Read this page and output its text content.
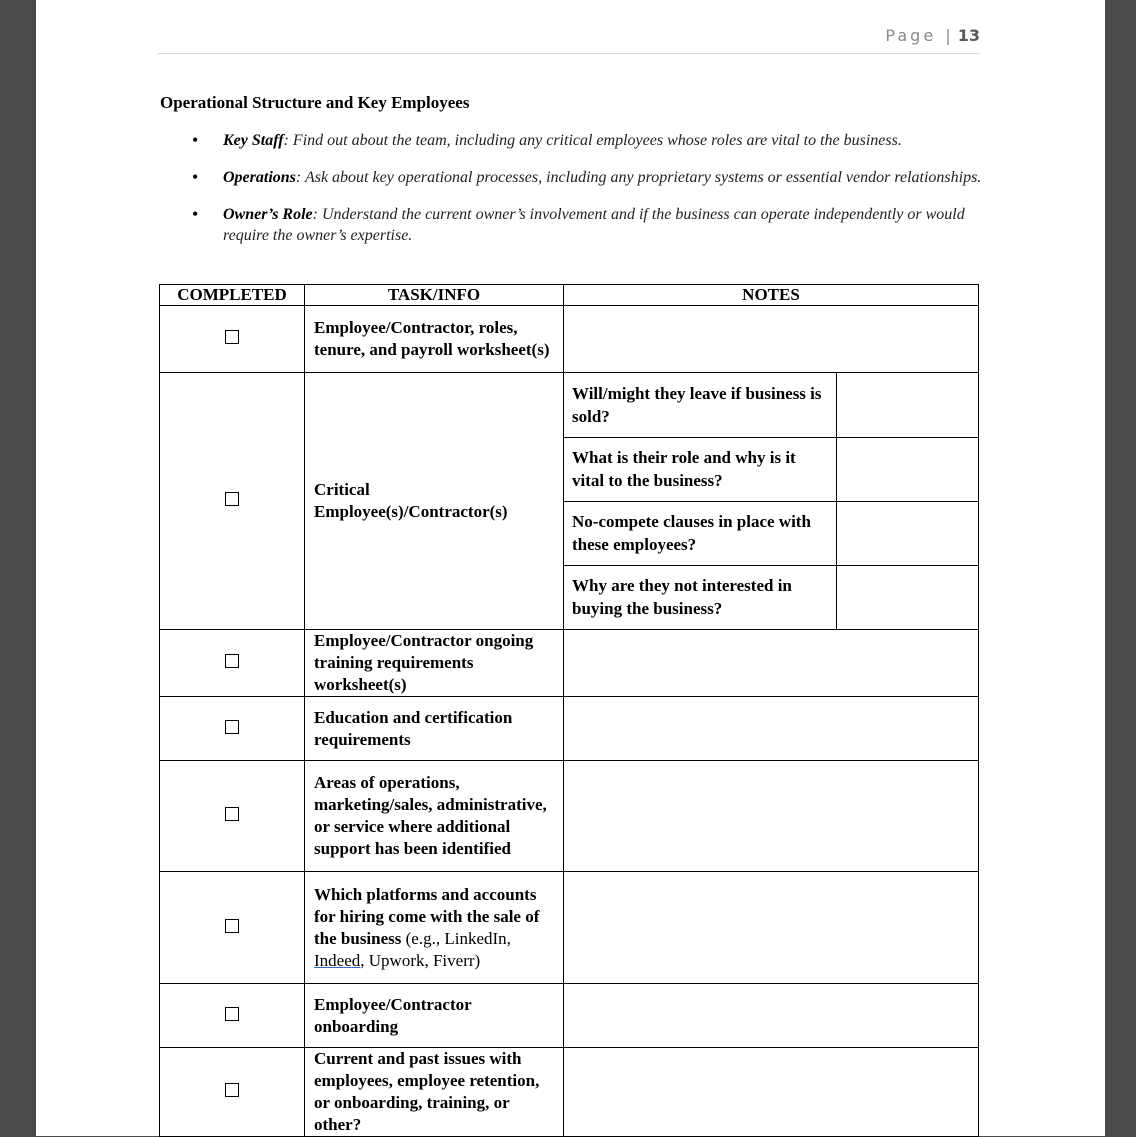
Page | 13
Operational Structure and Key Employees
• Key Staff: Find out about the team, including any critical employees whose roles are vital to the business.
• Operations: Ask about key operational processes, including any proprietary systems or essential vendor relationships.
• Owner’s Role: Understand the current owner’s involvement and if the business can operate independently or would require the owner’s expertise.
COMPLETED	TASK/INFO	NOTES
	Employee/Contractor, roles, tenure, and payroll worksheet(s)	
	Critical Employee(s)/Contractor(s)	
Will/might they leave if business is sold?	
What is their role and why is it vital to the business?	
No-compete clauses in place with these employees?	
Why are they not interested in buying the business?	

	Employee/Contractor ongoing training requirements worksheet(s)	
	Education and certification requirements	
	Areas of operations, marketing/sales, administrative, or service where additional support has been identified	
	Which platforms and accounts for hiring come with the sale of the business (e.g., LinkedIn, Indeed, Upwork, Fiverr)	
	Employee/Contractor onboarding	
	Current and past issues with employees, employee retention, or onboarding, training, or other?	
